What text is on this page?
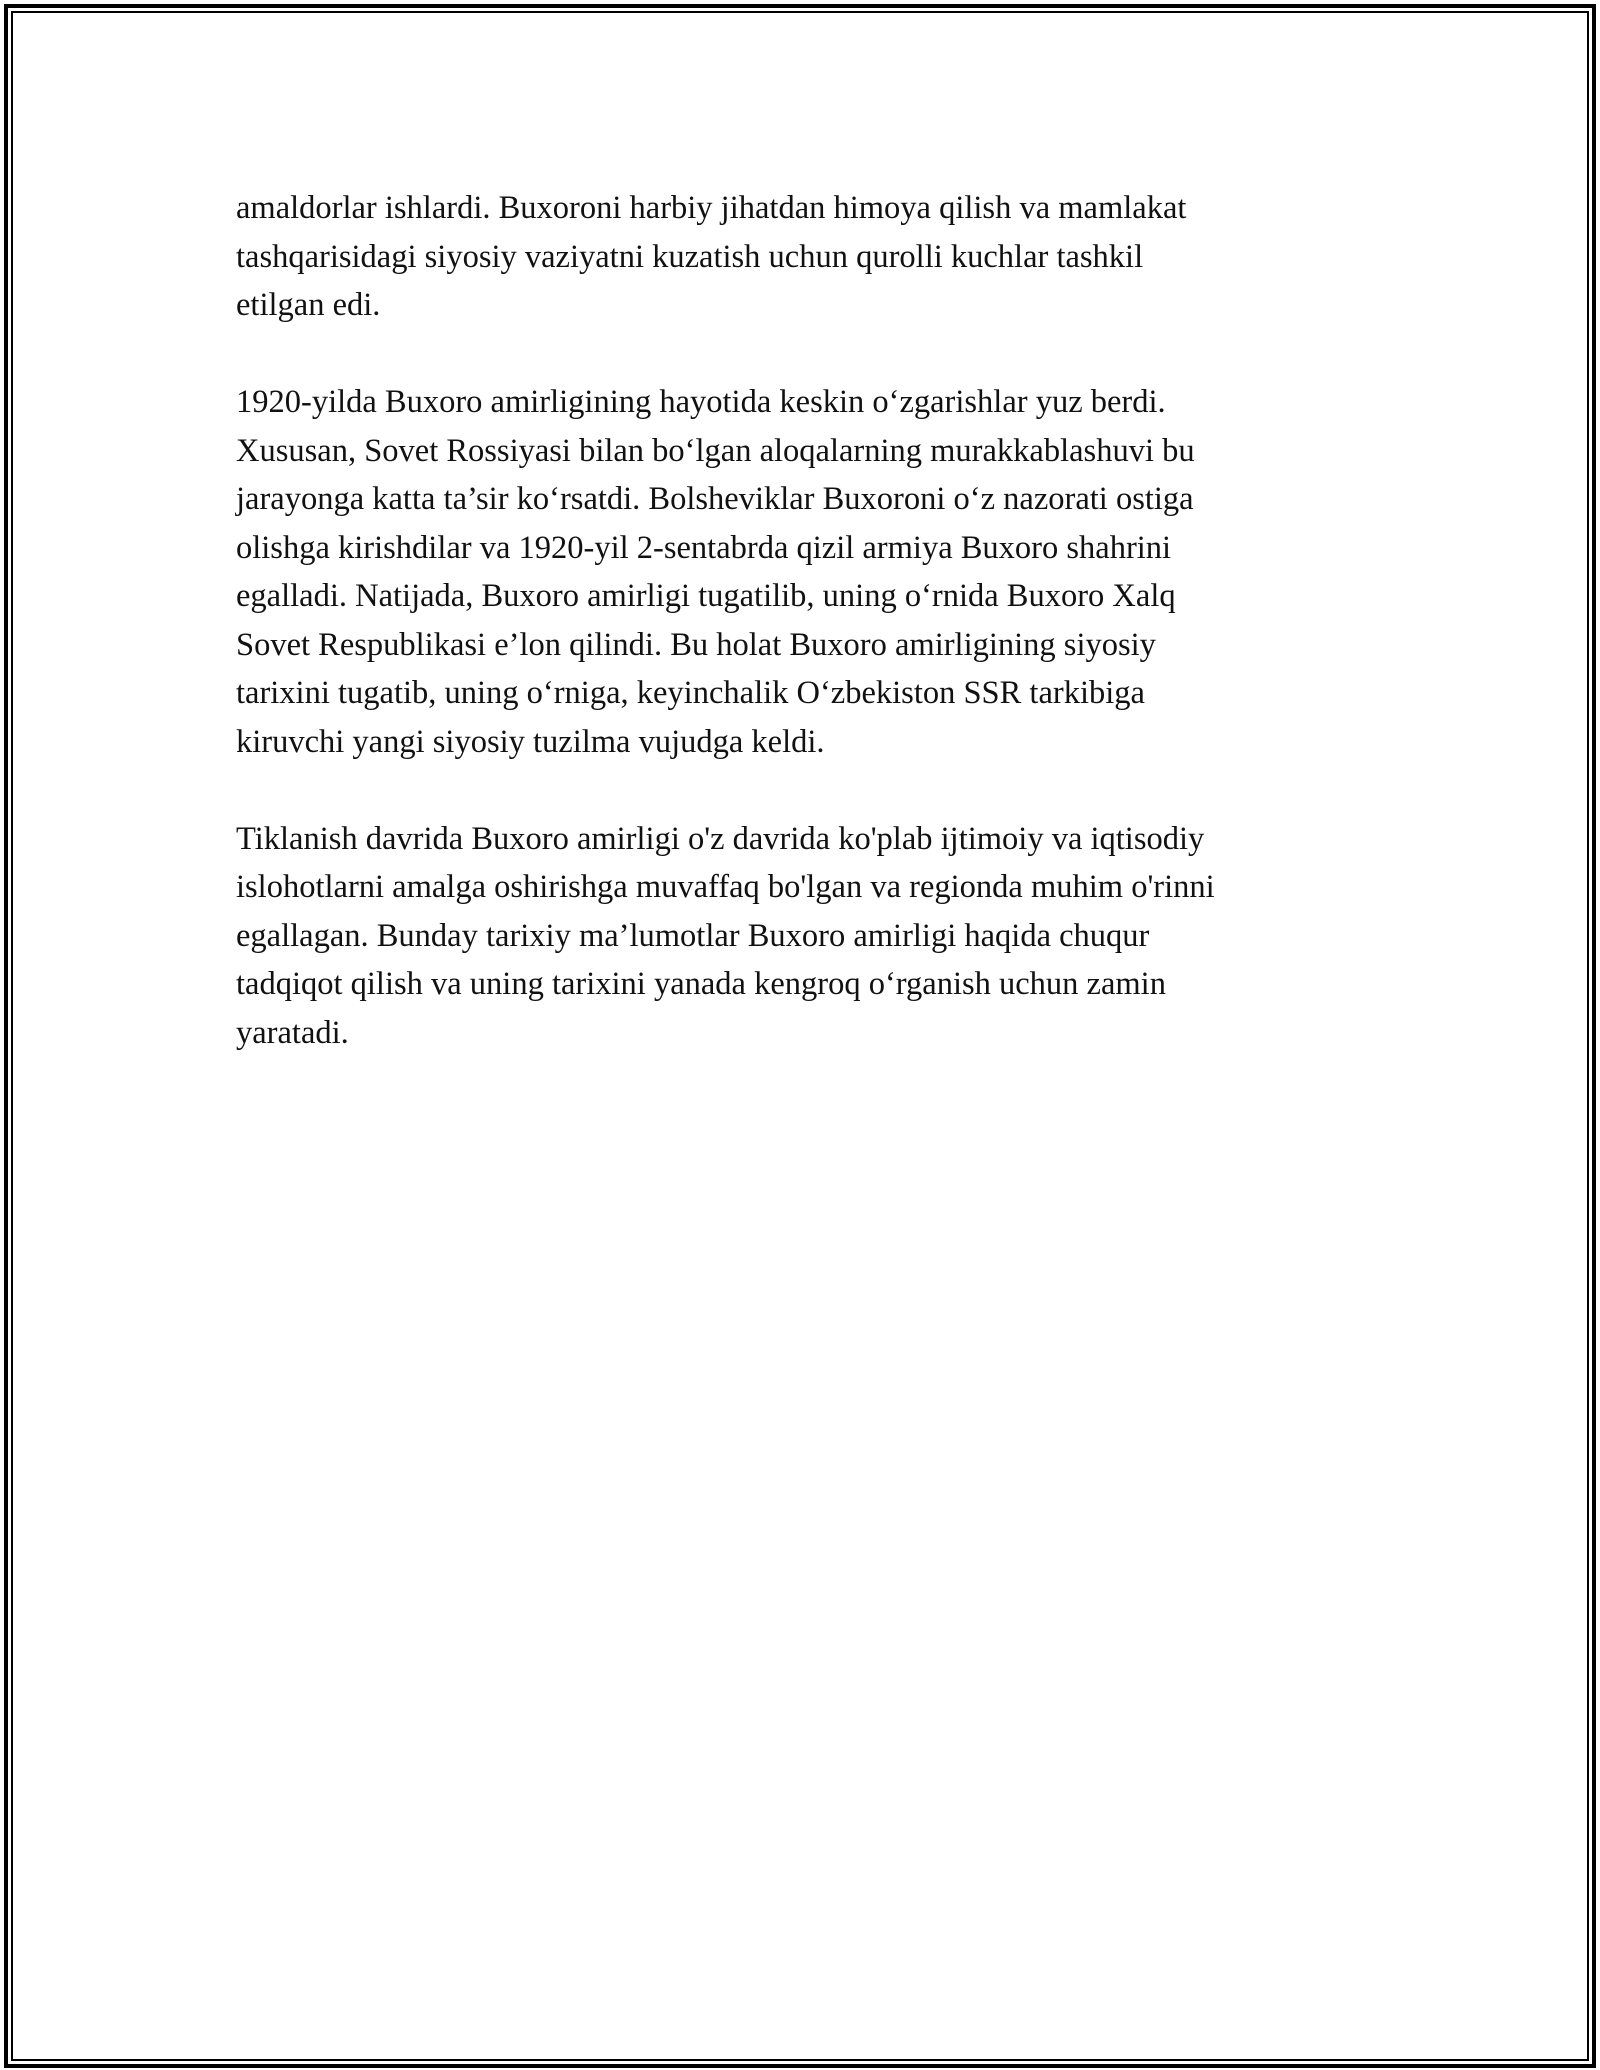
amaldorlar ishlardi. Buxoroni harbiy jihatdan himoya qilish va mamlakat
tashqarisidagi siyosiy vaziyatni kuzatish uchun qurolli kuchlar tashkil
etilgan edi.

1920-yilda Buxoro amirligining hayotida keskin o‘zgarishlar yuz berdi.
Xususan, Sovet Rossiyasi bilan bo‘lgan aloqalarning murakkablashuvi bu
jarayonga katta ta’sir ko‘rsatdi. Bolsheviklar Buxoroni o‘z nazorati ostiga
olishga kirishdilar va 1920-yil 2-sentabrda qizil armiya Buxoro shahrini
egalladi. Natijada, Buxoro amirligi tugatilib, uning o‘rnida Buxoro Xalq
Sovet Respublikasi e’lon qilindi. Bu holat Buxoro amirligining siyosiy
tarixini tugatib, uning o‘rniga, keyinchalik O‘zbekiston SSR tarkibiga
kiruvchi yangi siyosiy tuzilma vujudga keldi.

Tiklanish davrida Buxoro amirligi o'z davrida ko'plab ijtimoiy va iqtisodiy
islohotlarni amalga oshirishga muvaffaq bo'lgan va regionda muhim o'rinni
egallagan. Bunday tarixiy ma’lumotlar Buxoro amirligi haqida chuqur
tadqiqot qilish va uning tarixini yanada kengroq o‘rganish uchun zamin
yaratadi.
